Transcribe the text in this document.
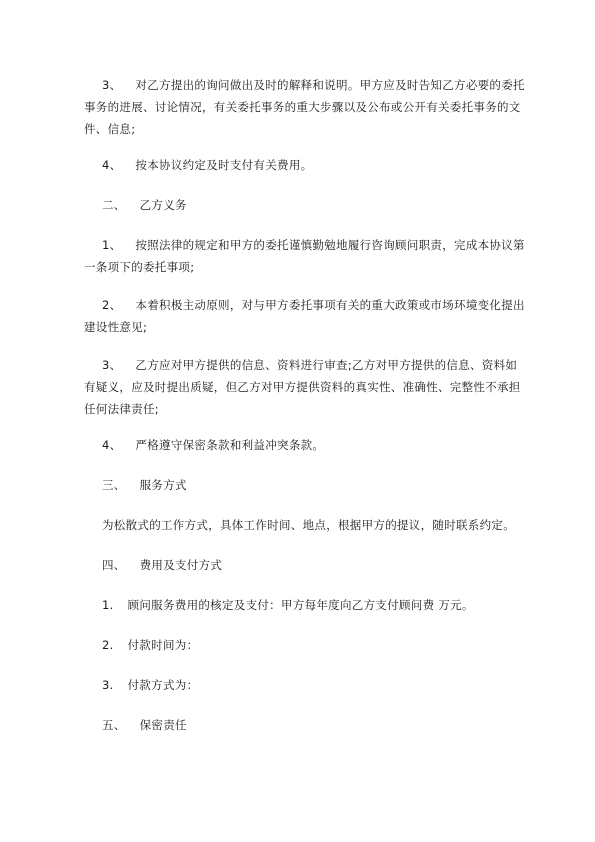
3、 对乙方提出的询问做出及时的解释和说明。甲方应及时告知乙方必要的委托
事务的进展、讨论情况，有关委托事务的重大步骤以及公布或公开有关委托事务的文
件、信息;
4、 按本协议约定及时支付有关费用。
二、 乙方义务
1、 按照法律的规定和甲方的委托谨慎勤勉地履行咨询顾问职责，完成本协议第
一条项下的委托事项;
2、 本着积极主动原则，对与甲方委托事项有关的重大政策或市场环境变化提出
建设性意见;
3、 乙方应对甲方提供的信息、资料进行审查;乙方对甲方提供的信息、资料如
有疑义，应及时提出质疑，但乙方对甲方提供资料的真实性、准确性、完整性不承担
任何法律责任;
4、 严格遵守保密条款和利益冲突条款。
三、 服务方式
为松散式的工作方式，具体工作时间、地点，根据甲方的提议，随时联系约定。
四、 费用及支付方式
1. 顾问服务费用的核定及支付：甲方每年度向乙方支付顾问费 万元。
2. 付款时间为：
3. 付款方式为：
五、 保密责任
